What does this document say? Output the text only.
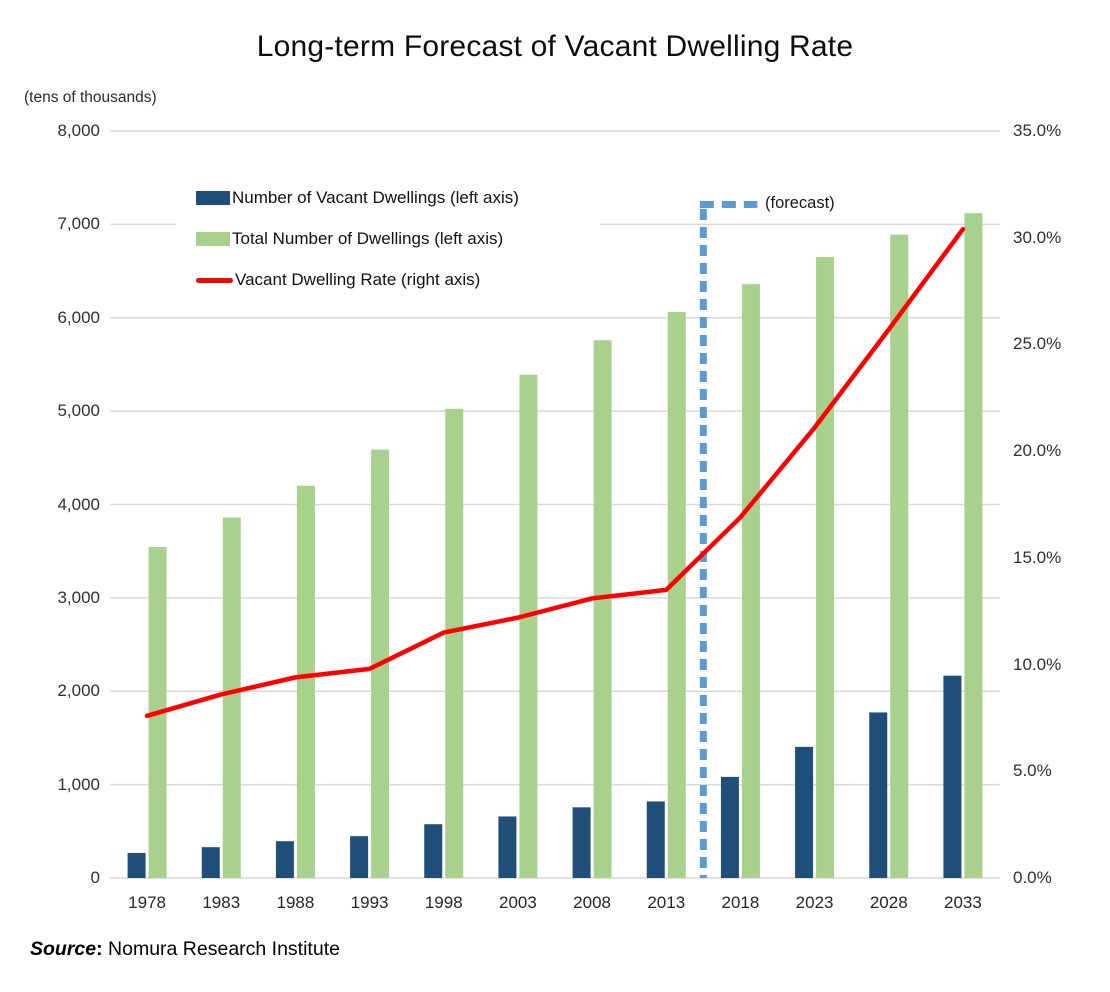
Long-term Forecast of Vacant Dwelling Rate
(tens of thousands)
8,000
7,000
6,000
5,000
4,000
3,000
2,000
1,000
0
35.0%
30.0%
25.0%
20.0%
15.0%
10.0%
5.0%
0.0%
1978	1983	1988	1993	1998	2003	2008	2013	2018	2023	2028	2033
Number of Vacant Dwellings (left axis)
Total Number of Dwellings (left axis)
Vacant Dwelling Rate (right axis)
(forecast)
Source: Nomura Research Institute
